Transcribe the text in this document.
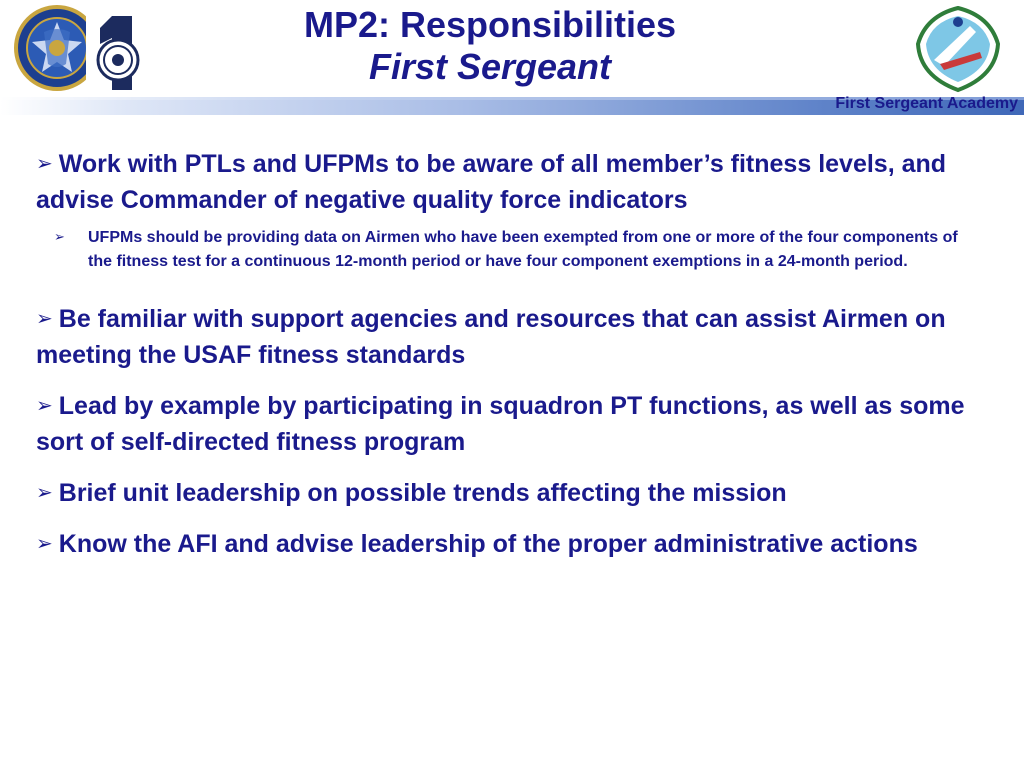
MP2: Responsibilities
First Sergeant
First Sergeant Academy
➢ Work with PTLs and UFPMs to be aware of all member’s fitness levels, and advise Commander of negative quality force indicators
➢ UFPMs should be providing data on Airmen who have been exempted from one or more of the four components of the fitness test for a continuous 12-month period or have four component exemptions in a 24-month period.
➢ Be familiar with support agencies and resources that can assist Airmen on meeting the USAF fitness standards
➢ Lead by example by participating in squadron PT functions, as well as some sort of self-directed fitness program
➢ Brief unit leadership on possible trends affecting the mission
➢ Know the AFI and advise leadership of the proper administrative actions
